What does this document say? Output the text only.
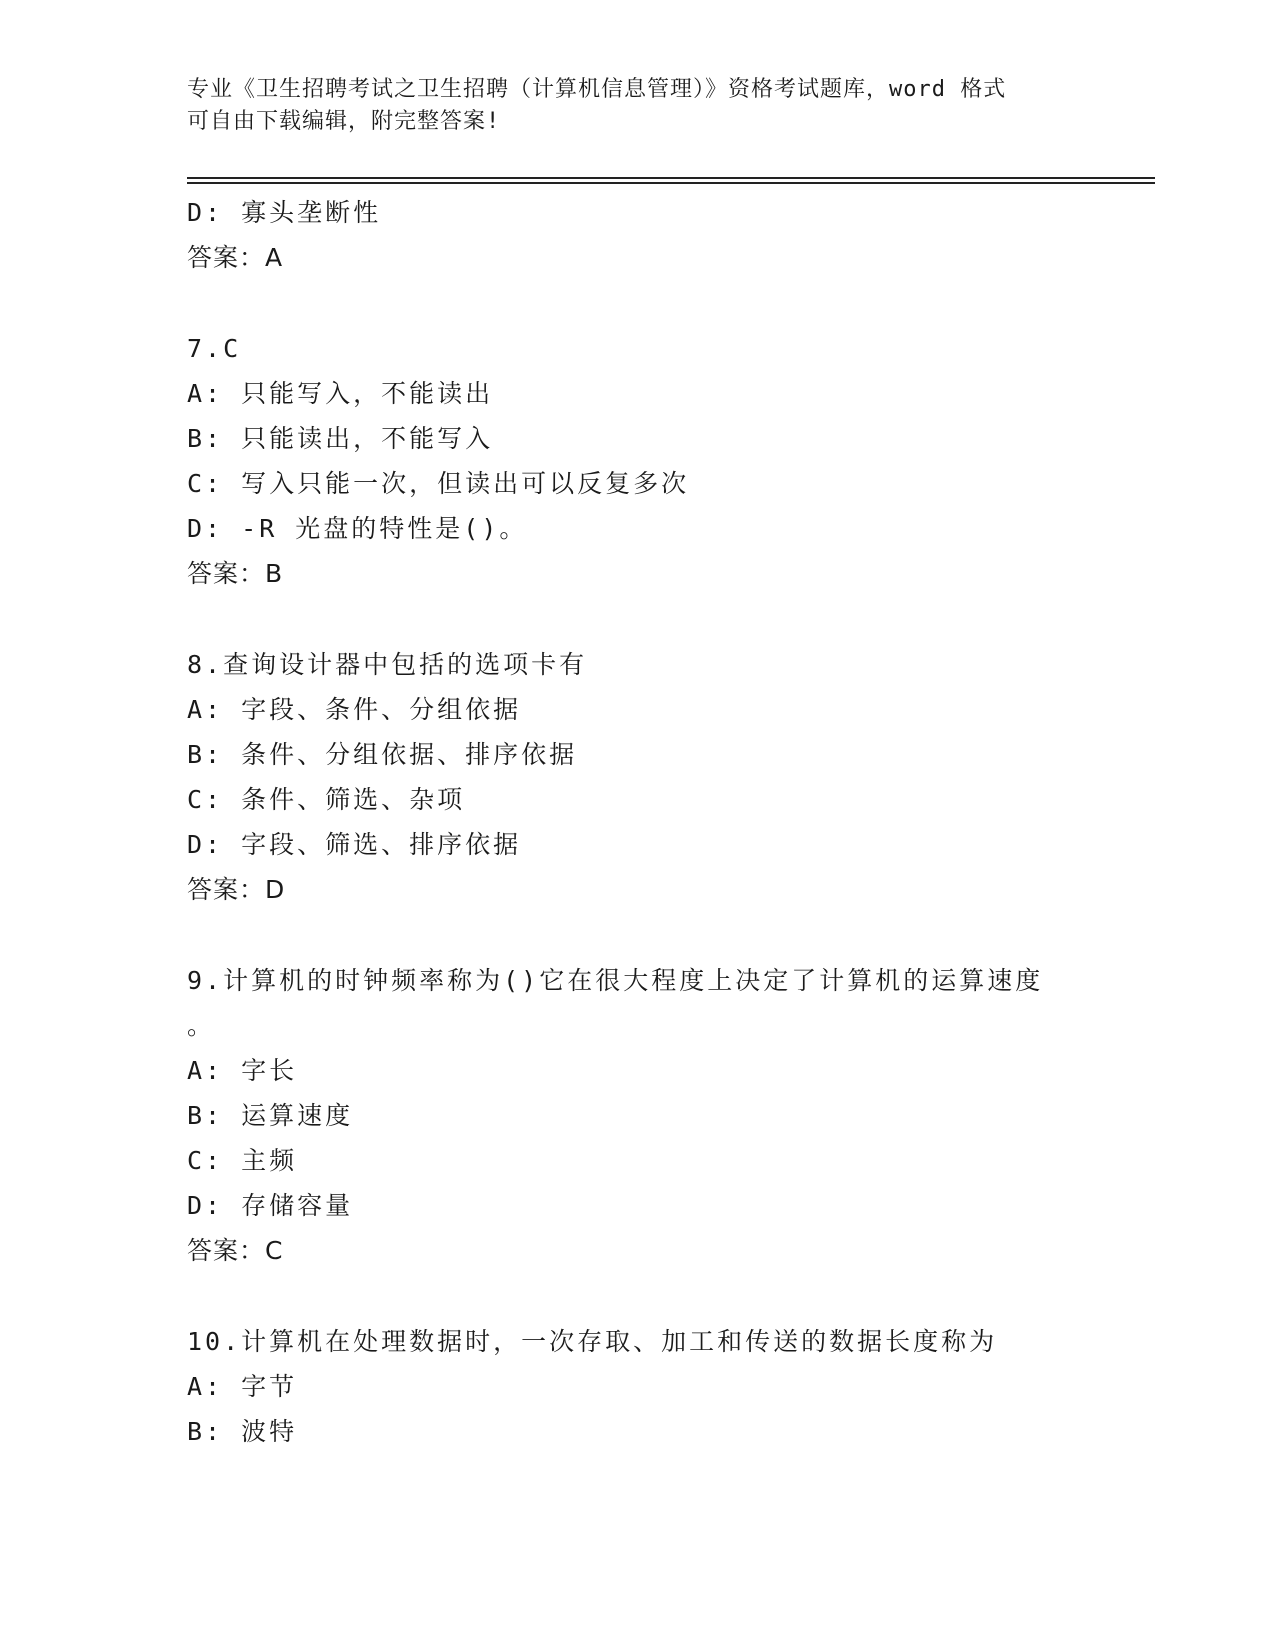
专业《卫生招聘考试之卫生招聘（计算机信息管理）》资格考试题库，word 格式
可自由下载编辑，附完整答案!
D: 寡头垄断性
答案：A
7.C
A: 只能写入，不能读出
B: 只能读出，不能写入
C: 写入只能一次，但读出可以反复多次
D: -R 光盘的特性是()。
答案：B
8.查询设计器中包括的选项卡有
A: 字段、条件、分组依据
B: 条件、分组依据、排序依据
C: 条件、筛选、杂项
D: 字段、筛选、排序依据
答案：D
9.计算机的时钟频率称为()它在很大程度上决定了计算机的运算速度
。
A: 字长
B: 运算速度
C: 主频
D: 存储容量
答案：C
10.计算机在处理数据时，一次存取、加工和传送的数据长度称为
A: 字节
B: 波特
